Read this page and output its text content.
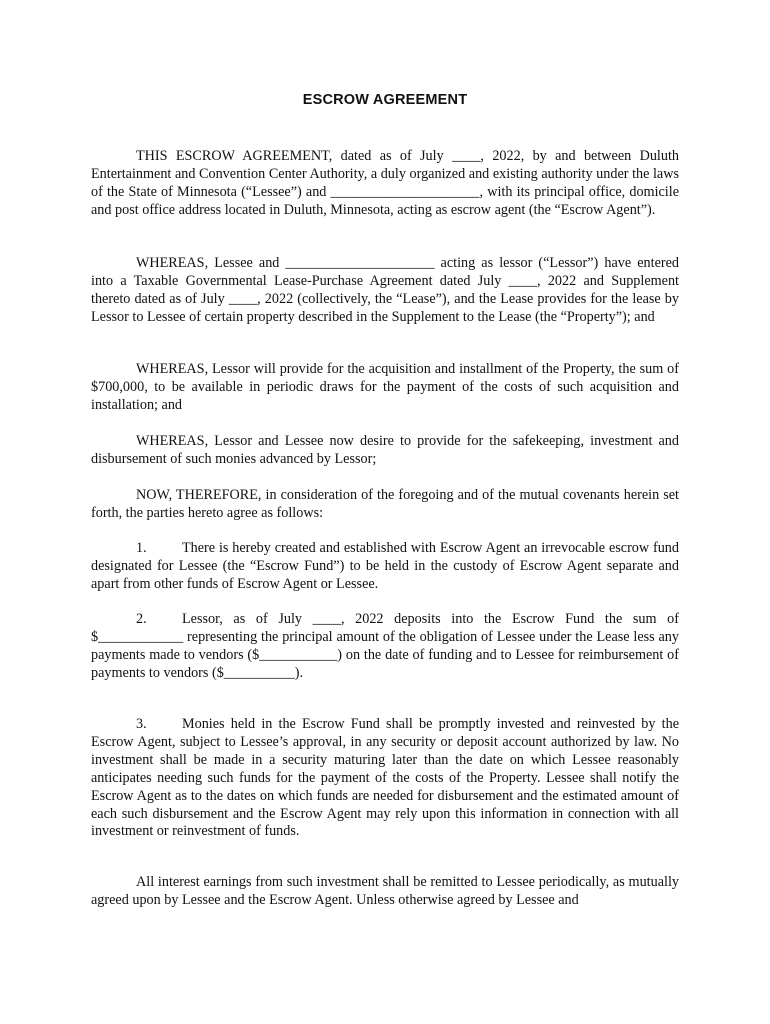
ESCROW AGREEMENT

THIS ESCROW AGREEMENT, dated as of July ____, 2022, by and between Duluth Entertainment and Convention Center Authority, a duly organized and existing authority under the laws of the State of Minnesota (“Lessee”) and _____________________, with its principal office, domicile and post office address located in Duluth, Minnesota, acting as escrow agent (the “Escrow Agent”).

WHEREAS, Lessee and _____________________ acting as lessor (“Lessor”) have entered into a Taxable Governmental Lease-Purchase Agreement dated July ____, 2022 and Supplement thereto dated as of July ____, 2022 (collectively, the “Lease”), and the Lease provides for the lease by Lessor to Lessee of certain property described in the Supplement to the Lease (the “Property”); and

WHEREAS, Lessor will provide for the acquisition and installment of the Property, the sum of $700,000, to be available in periodic draws for the payment of the costs of such acquisition and installation; and

WHEREAS, Lessor and Lessee now desire to provide for the safekeeping, investment and disbursement of such monies advanced by Lessor;

NOW, THEREFORE, in consideration of the foregoing and of the mutual covenants herein set forth, the parties hereto agree as follows:

1. There is hereby created and established with Escrow Agent an irrevocable escrow fund designated for Lessee (the “Escrow Fund”) to be held in the custody of Escrow Agent separate and apart from other funds of Escrow Agent or Lessee.

2. Lessor, as of July ____, 2022 deposits into the Escrow Fund the sum of $____________ representing the principal amount of the obligation of Lessee under the Lease less any payments made to vendors ($___________) on the date of funding and to Lessee for reimbursement of payments to vendors ($__________).

3. Monies held in the Escrow Fund shall be promptly invested and reinvested by the Escrow Agent, subject to Lessee’s approval, in any security or deposit account authorized by law. No investment shall be made in a security maturing later than the date on which Lessee reasonably anticipates needing such funds for the payment of the costs of the Property. Lessee shall notify the Escrow Agent as to the dates on which funds are needed for disbursement and the estimated amount of each such disbursement and the Escrow Agent may rely upon this information in connection with all investment or reinvestment of funds.

All interest earnings from such investment shall be remitted to Lessee periodically, as mutually agreed upon by Lessee and the Escrow Agent. Unless otherwise agreed by Lessee and
